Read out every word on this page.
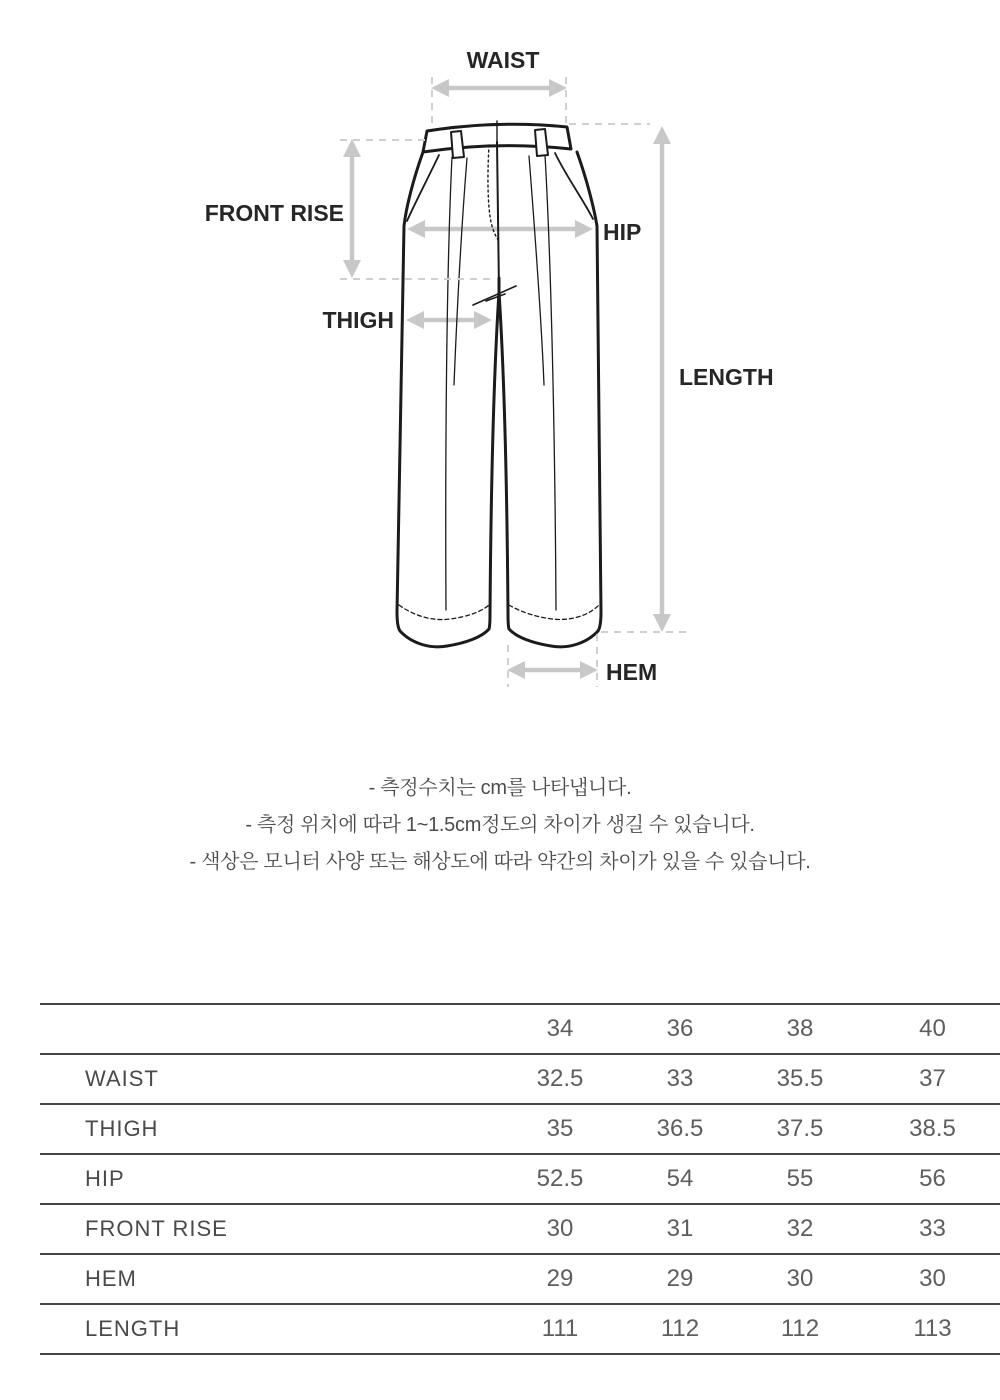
WAIST
FRONT RISE
HIP
THIGH
LENGTH
HEM

- 측정수치는 cm를 나타냅니다.

- 측정 위치에 따라 1~1.5cm정도의 차이가 생길 수 있습니다.

- 색상은 모니터 사양 또는 해상도에 따라 약간의 차이가 있을 수 있습니다.

	34	36	38	40
WAIST	32.5	33	35.5	37
THIGH	35	36.5	37.5	38.5
HIP	52.5	54	55	56
FRONT RISE	30	31	32	33
HEM	29	29	30	30
LENGTH	111	112	112	113
